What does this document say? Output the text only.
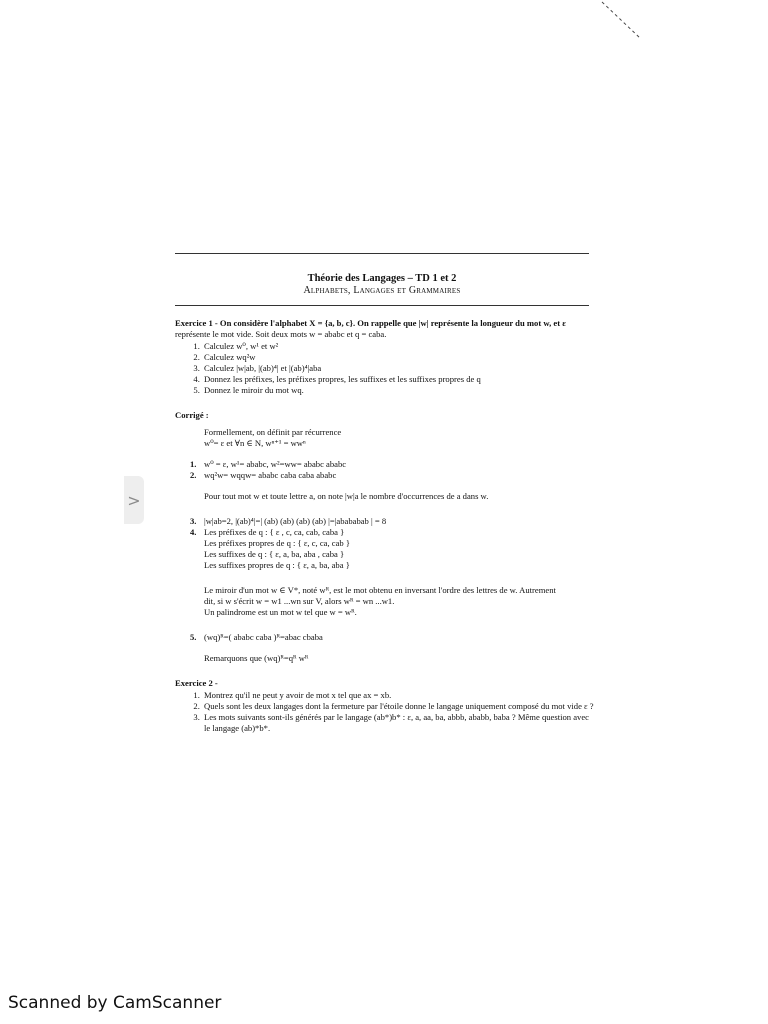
>
Théorie des Langages – TD 1 et 2
Alphabets, Langages et Grammaires

Exercice 1 - On considère l'alphabet X = {a, b, c}. On rappelle que |w| représente la longueur du mot w, et ε

représente le mot vide. Soit deux mots w = ababc et q = caba.

1. Calculez w⁰, w¹ et w²
2. Calculez wq²w
3. Calculez |w|ab, |(ab)⁴| et |(ab)⁴|aba
4. Donnez les préfixes, les préfixes propres, les suffixes et les suffixes propres de q
5. Donnez le miroir du mot wq.

Corrigé :

Formellement, on définit par récurrence

w⁰= ε et ∀n ∈ N, wⁿ⁺¹ = wwⁿ

1. w⁰ = ε, w¹= ababc, w²=ww= ababc ababc
2. wq²w= wqqw= ababc caba caba ababc

Pour tout mot w et toute lettre a, on note |w|a le nombre d'occurrences de a dans w.

3. |w|ab=2, |(ab)⁴|=| (ab) (ab) (ab) (ab) |=|abababab | = 8
4. Les préfixes de q : { ε , c, ca, cab, caba }
Les préfixes propres de q : { ε, c, ca, cab }
Les suffixes de q : { ε, a, ba, aba , caba }
Les suffixes propres de q : { ε, a, ba, aba }

Le miroir d'un mot w ∈ V*, noté wᴿ, est le mot obtenu en inversant l'ordre des lettres de w. Autrement

dit, si w s'écrit w = w1 ...wn sur V, alors wᴿ = wn ...w1.

Un palindrome est un mot w tel que w = wᴿ.

5. (wq)ᴿ=( ababc caba )ᴿ=abac cbaba

Remarquons que (wq)ᴿ=qᴿ wᴿ

Exercice 2 -

1. Montrez qu'il ne peut y avoir de mot x tel que ax = xb.
2. Quels sont les deux langages dont la fermeture par l'étoile donne le langage uniquement composé du mot vide ε ?
3. Les mots suivants sont-ils générés par le langage (ab*)b* : ε, a, aa, ba, abbb, ababb, baba ? Même question avec le langage (ab)*b*.
Scanned by CamScanner
